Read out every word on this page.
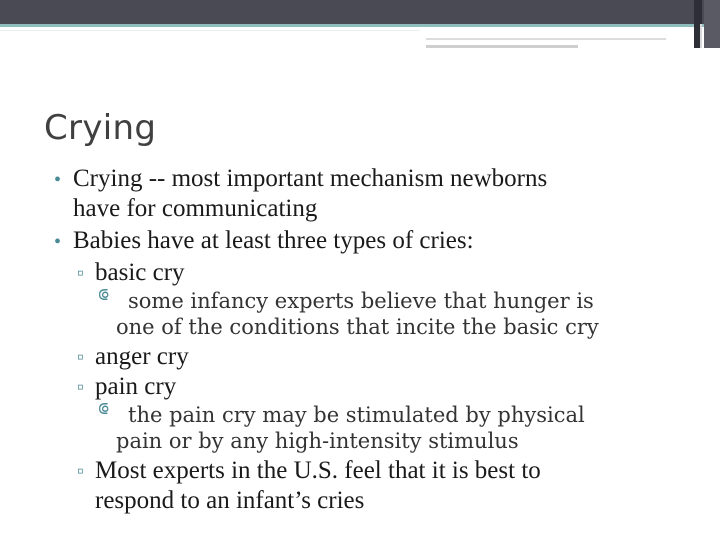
Crying
• Crying -- most important mechanism newborns
have for communicating
• Babies have at least three types of cries:
▫ basic cry
⟃ some infancy experts believe that hunger is
one of the conditions that incite the basic cry
▫ anger cry
▫ pain cry
⟃ the pain cry may be stimulated by physical
pain or by any high-intensity stimulus
▫ Most experts in the U.S. feel that it is best to
respond to an infant’s cries
